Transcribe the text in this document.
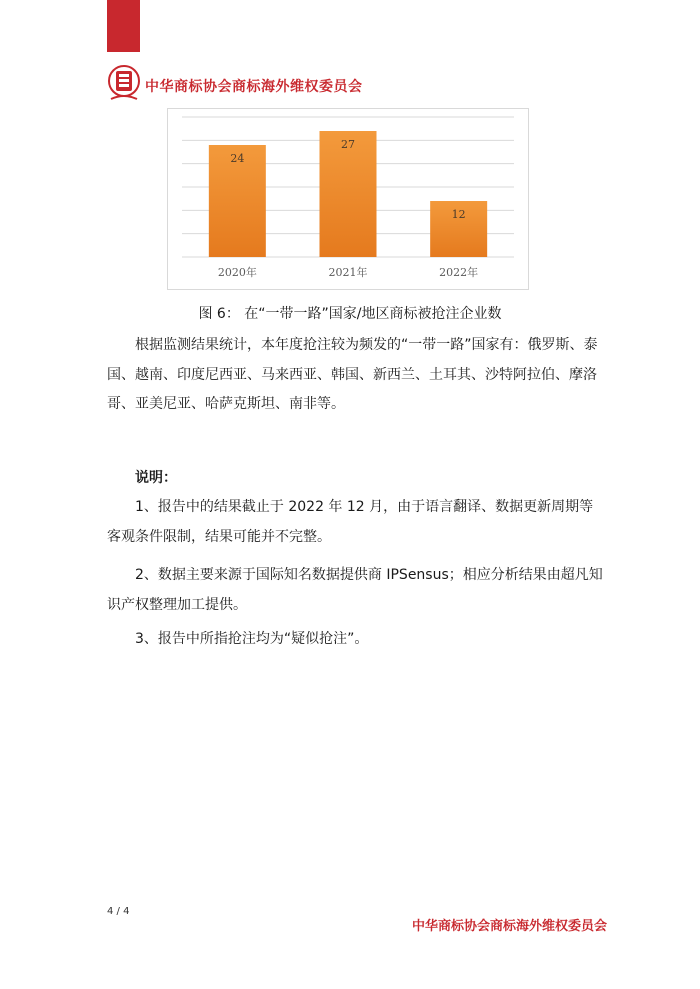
中华商标协会商标海外维权委员会
24
2020年
27
2021年
12
2022年
图 6： 在“一带一路”国家/地区商标被抢注企业数
根据监测结果统计，本年度抢注较为频发的“一带一路”国家有：俄罗斯、泰国、越南、印度尼西亚、马来西亚、韩国、新西兰、土耳其、沙特阿拉伯、摩洛哥、亚美尼亚、哈萨克斯坦、南非等。
说明：
1、报告中的结果截止于 2022 年 12 月，由于语言翻译、数据更新周期等客观条件限制，结果可能并不完整。
2、数据主要来源于国际知名数据提供商 IPSensus；相应分析结果由超凡知识产权整理加工提供。
3、报告中所指抢注均为“疑似抢注”。
4 / 4
中华商标协会商标海外维权委员会
